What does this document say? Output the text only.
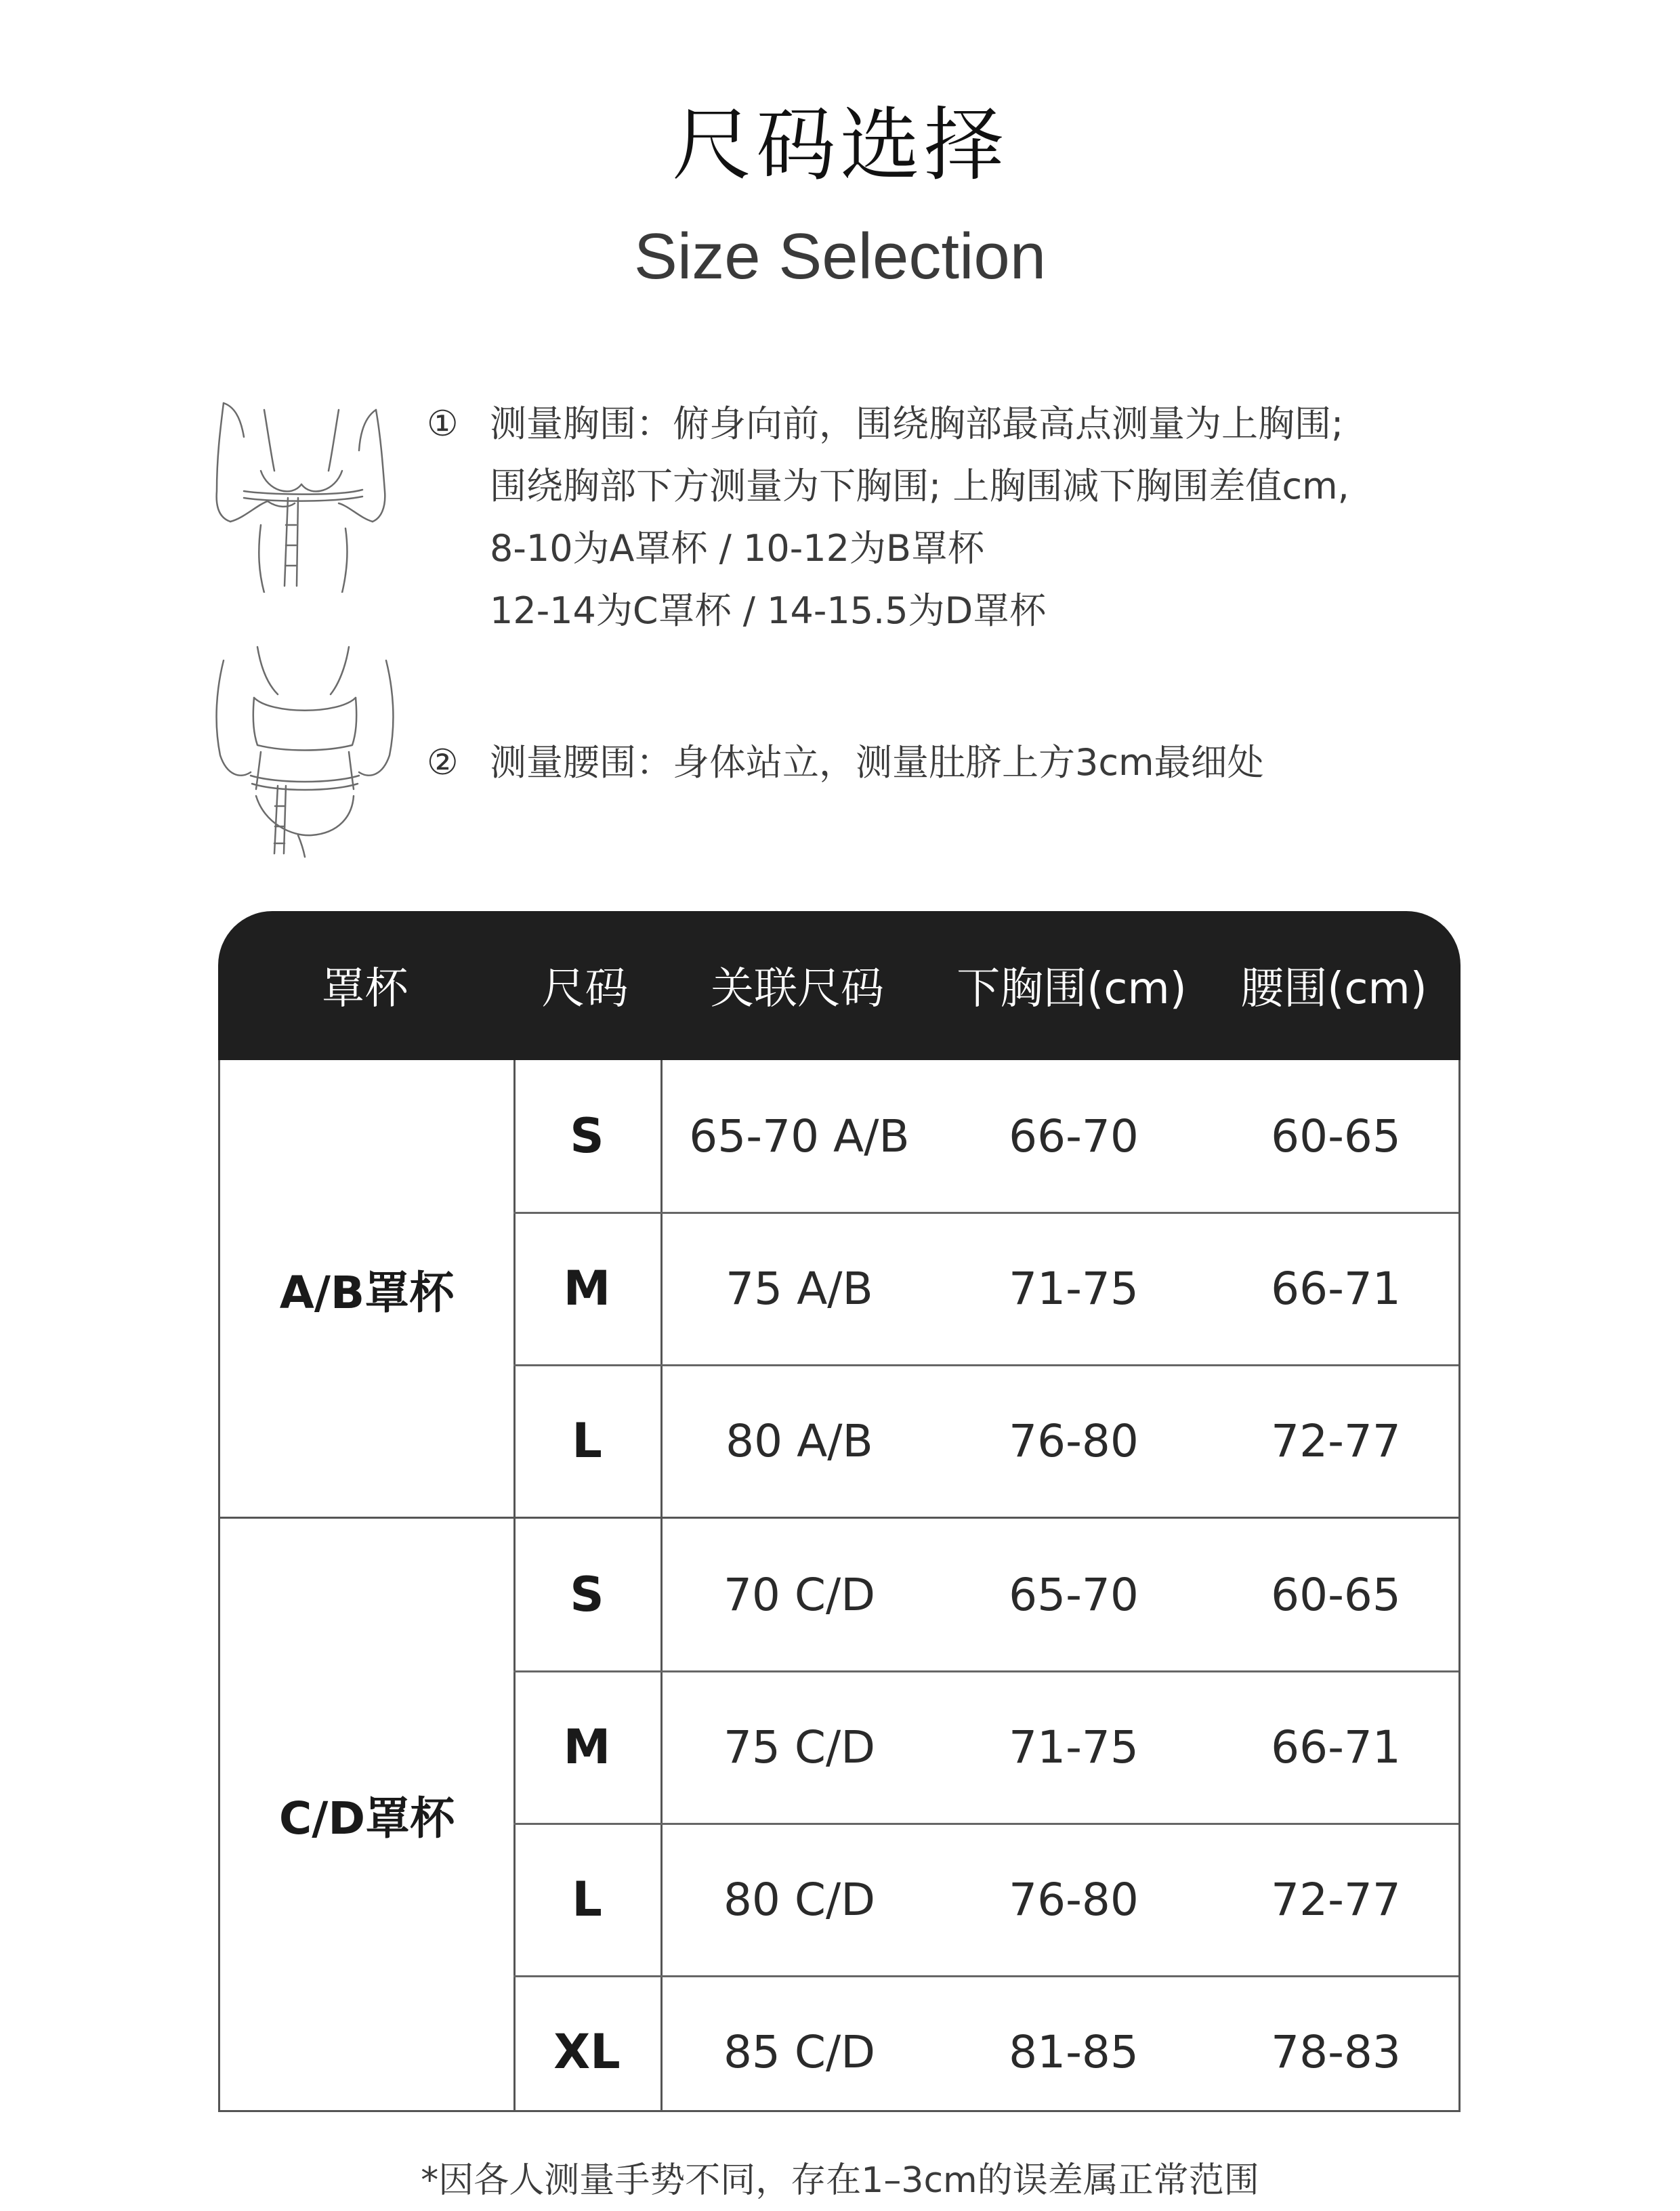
尺码选择
Size Selection
① 测量胸围：俯身向前，围绕胸部最高点测量为上胸围;
围绕胸部下方测量为下胸围; 上胸围减下胸围差值cm,
8-10为A罩杯 / 10-12为B罩杯
12-14为C罩杯 / 14-15.5为D罩杯
② 测量腰围：身体站立，测量肚脐上方3cm最细处
罩杯	尺码	关联尺码	下胸围(cm)	腰围(cm)
A/B罩杯
S	65-70 A/B	66-70	60-65
M	75 A/B	71-75	66-71
L	80 A/B	76-80	72-77
C/D罩杯
S	70 C/D	65-70	60-65
M	75 C/D	71-75	66-71
L	80 C/D	76-80	72-77
XL	85 C/D	81-85	78-83
*因各人测量手势不同，存在1–3cm的误差属正常范围
